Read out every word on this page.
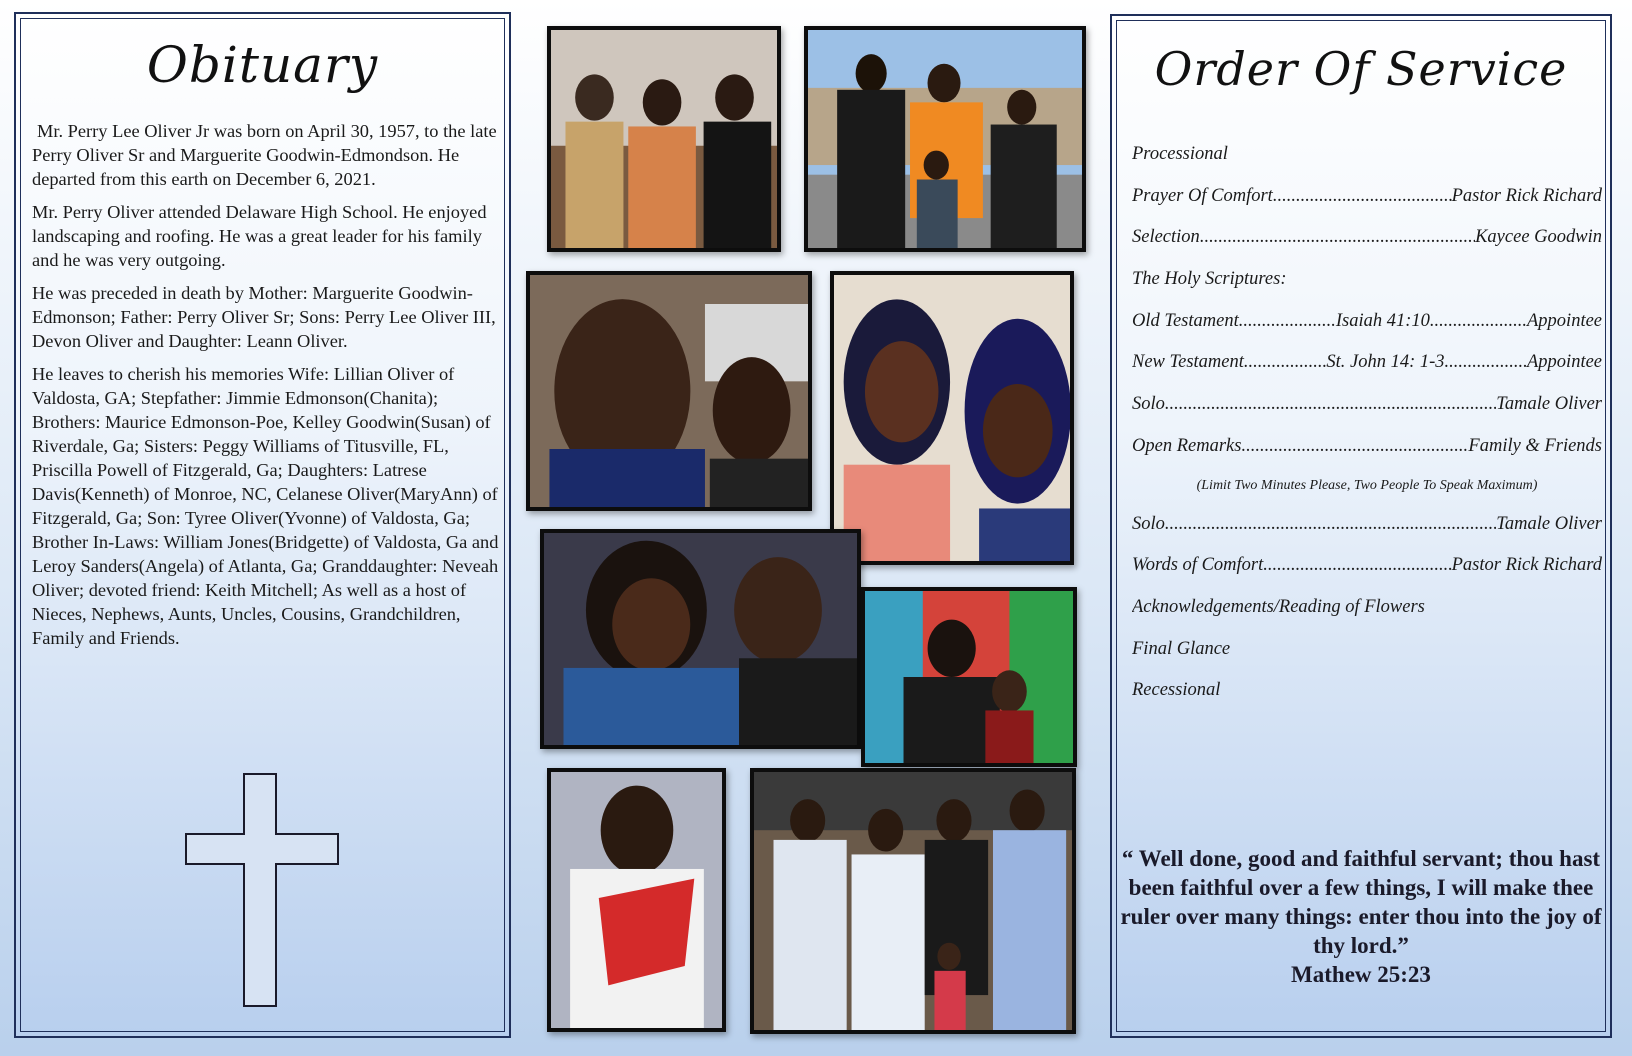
Obituary

Mr. Perry Lee Oliver Jr was born on April 30, 1957, to the late Perry Oliver Sr and Marguerite Goodwin-Edmondson. He departed from this earth on December 6, 2021.

Mr. Perry Oliver attended Delaware High School. He enjoyed landscaping and roofing. He was a great leader for his family and he was very outgoing.

He was preceded in death by Mother: Marguerite Goodwin-Edmonson; Father: Perry Oliver Sr; Sons: Perry Lee Oliver III, Devon Oliver and Daughter: Leann Oliver.

He leaves to cherish his memories Wife: Lillian Oliver of Valdosta, GA; Stepfather: Jimmie Edmonson(Chanita); Brothers: Maurice Edmonson-Poe, Kelley Goodwin(Susan) of Riverdale, Ga; Sisters: Peggy Williams of Titusville, FL, Priscilla Powell of Fitzgerald, Ga; Daughters: Latrese Davis(Kenneth) of Monroe, NC, Celanese Oliver(MaryAnn) of Fitzgerald, Ga; Son: Tyree Oliver(Yvonne) of Valdosta, Ga; Brother In-Laws: William Jones(Bridgette) of Valdosta, Ga and Leroy Sanders(Angela) of Atlanta, Ga; Granddaughter: Neveah Oliver; devoted friend: Keith Mitchell; As well as a host of Nieces, Nephews, Aunts, Uncles, Cousins, Grandchildren, Family and Friends.

Order Of Service
Processional
Prayer Of Comfort .....	Pastor Rick Richard
Selection .....	Kaycee Goodwin
The Holy Scriptures:
Old Testament .....	Isaiah 41:10 .....	Appointee
New Testament .....	St. John 14: 1-3 .....	Appointee
Solo .....	Tamale Oliver
Open Remarks .....	Family & Friends
(Limit Two Minutes Please, Two People To Speak Maximum)
Solo .....	Tamale Oliver
Words of Comfort .....	Pastor Rick Richard
Acknowledgements/Reading of Flowers
Final Glance
Recessional
“ Well done, good and faithful servant; thou hast been faithful over a few things, I will make thee ruler over many things: enter thou into the joy of thy lord.”
Mathew 25:23
